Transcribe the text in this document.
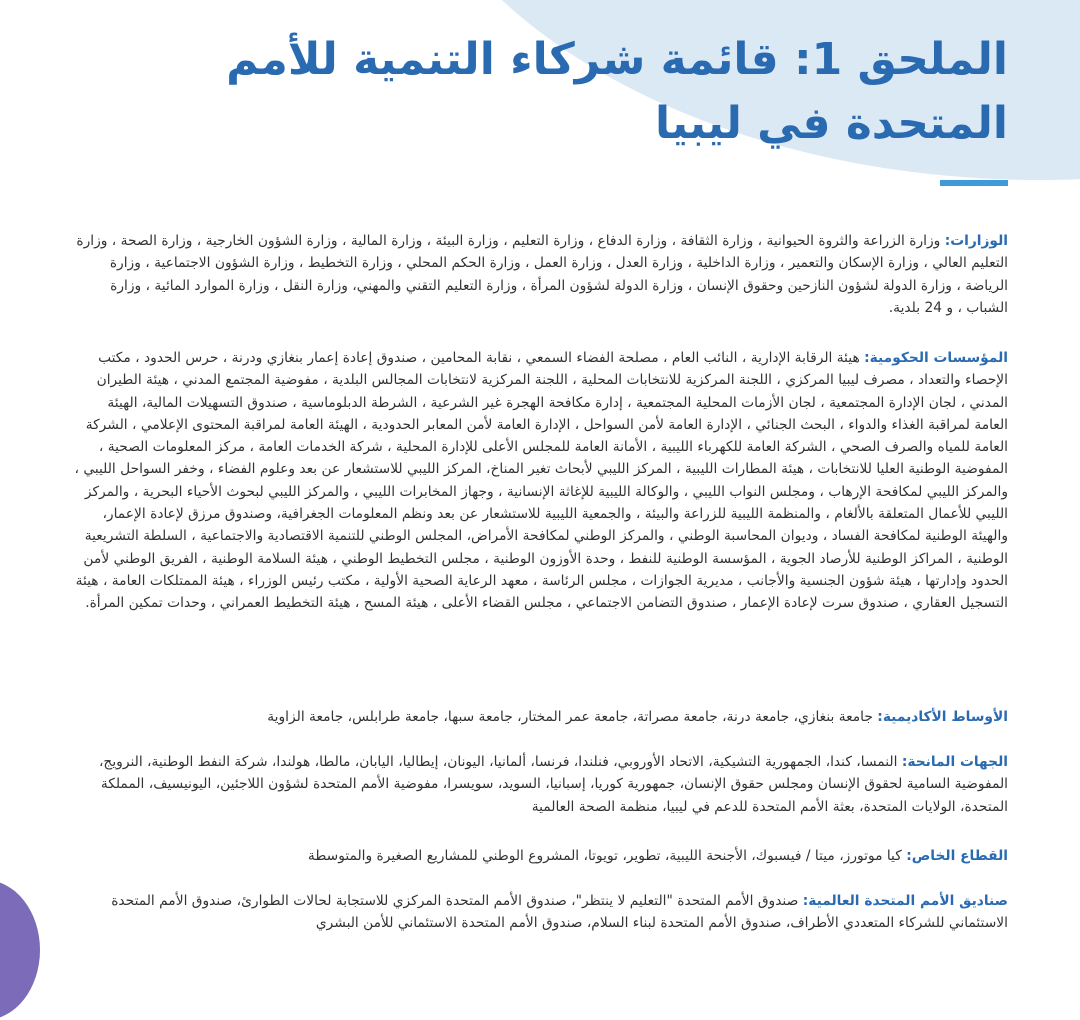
الملحق 1: قائمة شركاء التنمية للأمم
المتحدة في ليبيا

الوزارات: وزارة الزراعة والثروة الحيوانية ، وزارة الثقافة ، وزارة الدفاع ، وزارة التعليم ، وزارة البيئة ، وزارة المالية ، وزارة الشؤون الخارجية ، وزارة الصحة ، وزارة التعليم العالي ، وزارة الإسكان والتعمير ، وزارة الداخلية ، وزارة العدل ، وزارة العمل ، وزارة الحكم المحلي ، وزارة التخطيط ، وزارة الشؤون الاجتماعية ، وزارة الرياضة ، وزارة الدولة لشؤون النازحين وحقوق الإنسان ، وزارة الدولة لشؤون المرأة ، وزارة التعليم التقني والمهني، وزارة النقل ، وزارة الموارد المائية ، وزارة الشباب ، و 24 بلدية.

المؤسسات الحكومية: هيئة الرقابة الإدارية ، النائب العام ، مصلحة الفضاء السمعي ، نقابة المحامين ، صندوق إعادة إعمار بنغازي ودرنة ، حرس الحدود ، مكتب الإحصاء والتعداد ، مصرف ليبيا المركزي ، اللجنة المركزية للانتخابات المحلية ، اللجنة المركزية لانتخابات المجالس البلدية ، مفوضية المجتمع المدني ، هيئة الطيران المدني ، لجان الإدارة المجتمعية ، لجان الأزمات المحلية المجتمعية ، إدارة مكافحة الهجرة غير الشرعية ، الشرطة الدبلوماسية ، صندوق التسهيلات المالية، الهيئة العامة لمراقبة الغذاء والدواء ، البحث الجنائي ، الإدارة العامة لأمن السواحل ، الإدارة العامة لأمن المعابر الحدودية ، الهيئة العامة لمراقبة المحتوى الإعلامي ، الشركة العامة للمياه والصرف الصحي ، الشركة العامة للكهرباء الليبية ، الأمانة العامة للمجلس الأعلى للإدارة المحلية ، شركة الخدمات العامة ، مركز المعلومات الصحية ، المفوضية الوطنية العليا للانتخابات ، هيئة المطارات الليبية ، المركز الليبي لأبحاث تغير المناخ، المركز الليبي للاستشعار عن بعد وعلوم الفضاء ، وخفر السواحل الليبي ، والمركز الليبي لمكافحة الإرهاب ، ومجلس النواب الليبي ، والوكالة الليبية للإغاثة الإنسانية ، وجهاز المخابرات الليبي ، والمركز الليبي لبحوث الأحياء البحرية ، والمركز الليبي للأعمال المتعلقة بالألغام ، والمنظمة الليبية للزراعة والبيئة ، والجمعية الليبية للاستشعار عن بعد ونظم المعلومات الجغرافية، وصندوق مرزق لإعادة الإعمار، والهيئة الوطنية لمكافحة الفساد ، وديوان المحاسبة الوطني ، والمركز الوطني لمكافحة الأمراض، المجلس الوطني للتنمية الاقتصادية والاجتماعية ، السلطة التشريعية الوطنية ، المراكز الوطنية للأرصاد الجوية ، المؤسسة الوطنية للنفط ، وحدة الأوزون الوطنية ، مجلس التخطيط الوطني ، هيئة السلامة الوطنية ، الفريق الوطني لأمن الحدود وإدارتها ، هيئة شؤون الجنسية والأجانب ، مديرية الجوازات ، مجلس الرئاسة ، معهد الرعاية الصحية الأولية ، مكتب رئيس الوزراء ، هيئة الممتلكات العامة ، هيئة التسجيل العقاري ، صندوق سرت لإعادة الإعمار ، صندوق التضامن الاجتماعي ، مجلس القضاء الأعلى ، هيئة المسح ، هيئة التخطيط العمراني ، وحدات تمكين المرأة.

الأوساط الأكاديمية: جامعة بنغازي، جامعة درنة، جامعة مصراتة، جامعة عمر المختار، جامعة سبها، جامعة طرابلس، جامعة الزاوية

الجهات المانحة: النمسا، كندا، الجمهورية التشيكية، الاتحاد الأوروبي، فنلندا، فرنسا، ألمانيا، اليونان، إيطاليا، اليابان، مالطا، هولندا، شركة النفط الوطنية، النرويج، المفوضية السامية لحقوق الإنسان ومجلس حقوق الإنسان، جمهورية كوريا، إسبانيا، السويد، سويسرا، مفوضية الأمم المتحدة لشؤون اللاجئين، اليونيسيف، المملكة المتحدة، الولايات المتحدة، بعثة الأمم المتحدة للدعم في ليبيا، منظمة الصحة العالمية

القطاع الخاص: كيا موتورز، ميتا / فيسبوك، الأجنحة الليبية، تطوير، تويوتا، المشروع الوطني للمشاريع الصغيرة والمتوسطة

صناديق الأمم المتحدة العالمية: صندوق الأمم المتحدة "التعليم لا ينتظر"، صندوق الأمم المتحدة المركزي للاستجابة لحالات الطوارئ، صندوق الأمم المتحدة الاستئماني للشركاء المتعددي الأطراف، صندوق الأمم المتحدة لبناء السلام، صندوق الأمم المتحدة الاستئماني للأمن البشري
